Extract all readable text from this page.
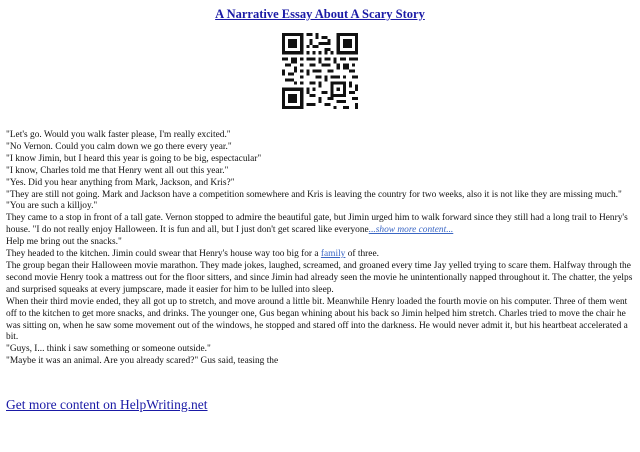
A Narrative Essay About A Scary Story

"Let's go. Would you walk faster please, I'm really excited."

"No Vernon. Could you calm down we go there every year."

"I know Jimin, but I heard this year is going to be big, espectacular"

"I know, Charles told me that Henry went all out this year."

"Yes. Did you hear anything from Mark, Jackson, and Kris?"

"They are still not going. Mark and Jackson have a competition somewhere and Kris is leaving the country for two weeks, also it is not like they are missing much."

"You are such a killjoy."

They came to a stop in front of a tall gate. Vernon stopped to admire the beautiful gate, but Jimin urged him to walk forward since they still had a long trail to Henry's house. "I do not really enjoy Halloween. It is fun and all, but I just don't get scared like everyone...show more content...

Help me bring out the snacks."

They headed to the kitchen. Jimin could swear that Henry's house way too big for a family of three.

The group began their Halloween movie marathon. They made jokes, laughed, screamed, and groaned every time Jay yelled trying to scare them. Halfway through the second movie Henry took a mattress out for the floor sitters, and since Jimin had already seen the movie he unintentionally napped throughout it. The chatter, the yelps and surprised squeaks at every jumpscare, made it easier for him to be lulled into sleep.

When their third movie ended, they all got up to stretch, and move around a little bit. Meanwhile Henry loaded the fourth movie on his computer. Three of them went off to the kitchen to get more snacks, and drinks. The younger one, Gus began whining about his back so Jimin helped him stretch. Charles tried to move the chair he was sitting on, when he saw some movement out of the windows, he stopped and stared off into the darkness. He would never admit it, but his heartbeat accelerated a bit.

"Guys, I... think i saw something or someone outside."

"Maybe it was an animal. Are you already scared?" Gus said, teasing the

Get more content on HelpWriting.net
